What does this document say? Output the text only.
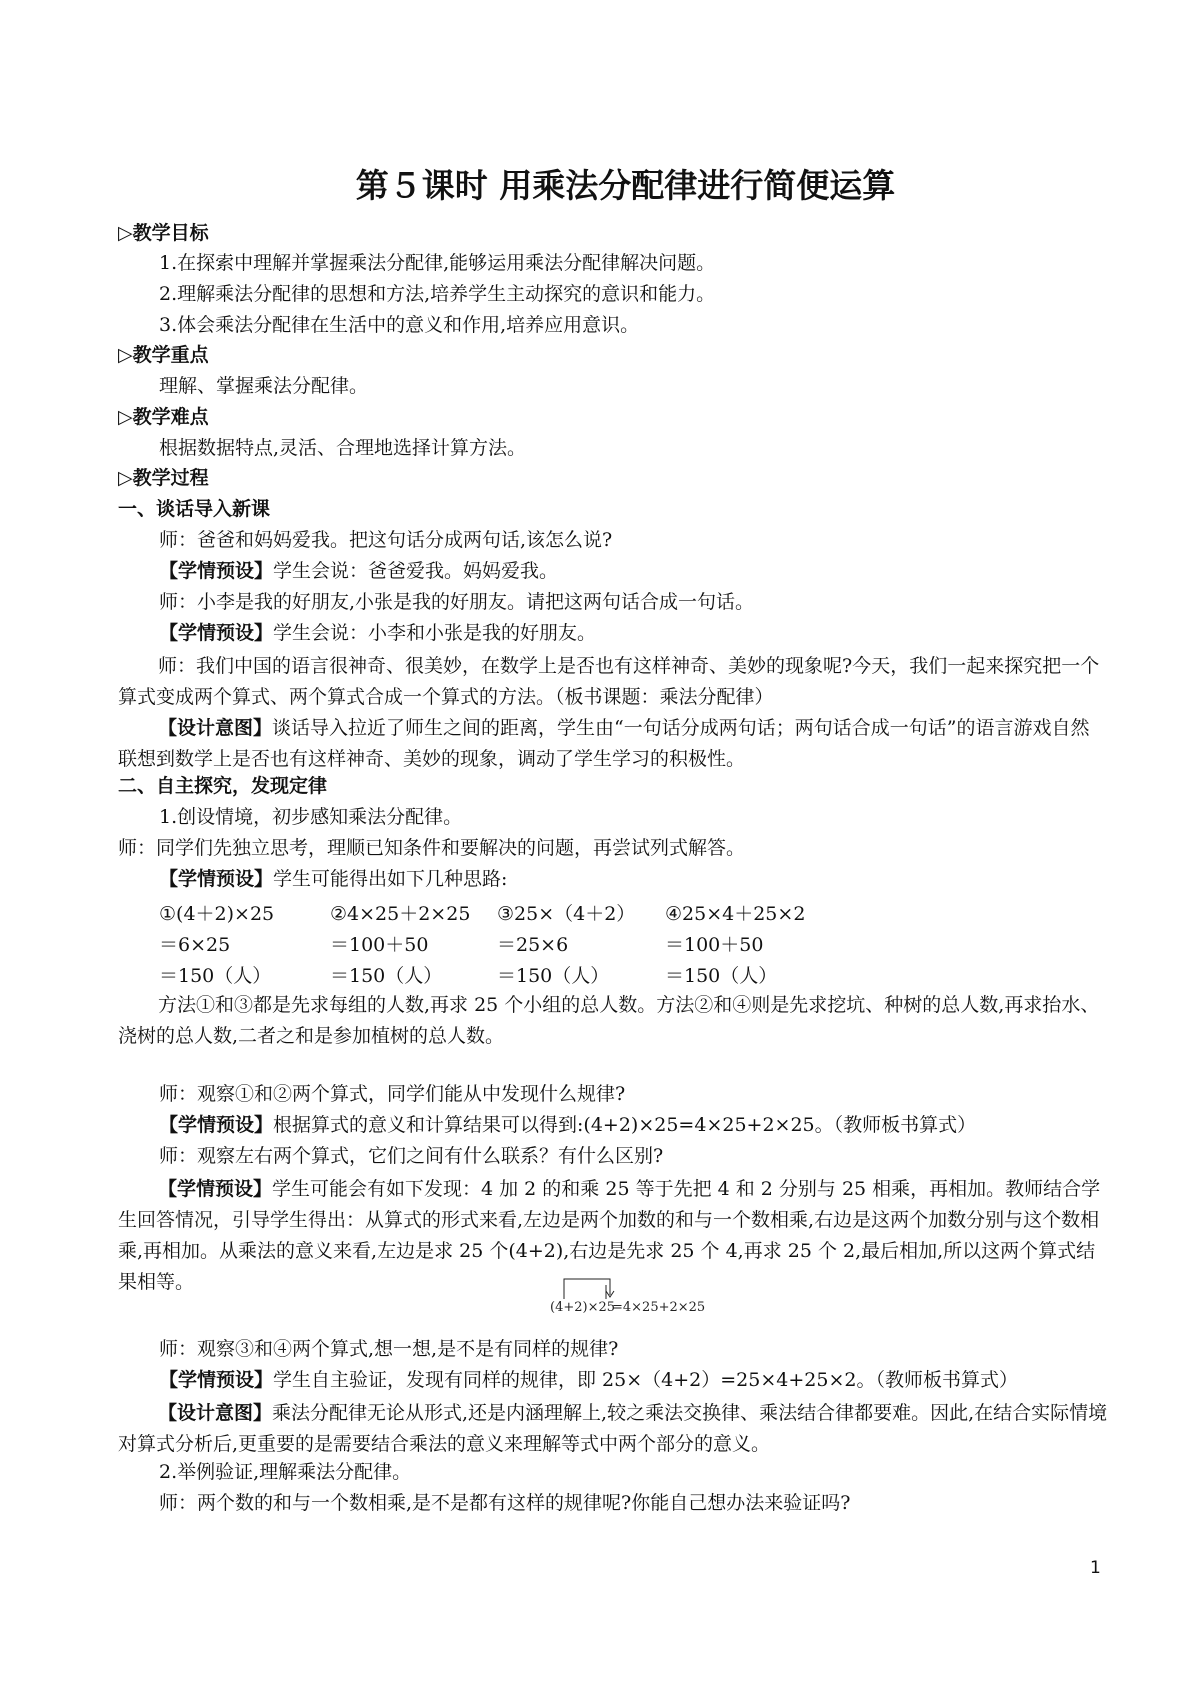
第５课时 用乘法分配律进行简便运算
▷教学目标
1.在探索中理解并掌握乘法分配律,能够运用乘法分配律解决问题。
2.理解乘法分配律的思想和方法,培养学生主动探究的意识和能力。
3.体会乘法分配律在生活中的意义和作用,培养应用意识。
▷教学重点
理解、掌握乘法分配律。
▷教学难点
根据数据特点,灵活、合理地选择计算方法。
▷教学过程
一、谈话导入新课
师：爸爸和妈妈爱我。把这句话分成两句话,该怎么说?
【学情预设】学生会说：爸爸爱我。妈妈爱我。
师：小李是我的好朋友,小张是我的好朋友。请把这两句话合成一句话。
【学情预设】学生会说：小李和小张是我的好朋友。
师：我们中国的语言很神奇、很美妙，在数学上是否也有这样神奇、美妙的现象呢?今天，我们一起来探究把一个算式变成两个算式、两个算式合成一个算式的方法。（板书课题：乘法分配律）
【设计意图】谈话导入拉近了师生之间的距离，学生由“一句话分成两句话；两句话合成一句话”的语言游戏自然联想到数学上是否也有这样神奇、美妙的现象，调动了学生学习的积极性。
二、自主探究，发现定律
1.创设情境，初步感知乘法分配律。
师：同学们先独立思考，理顺已知条件和要解决的问题，再尝试列式解答。
【学情预设】学生可能得出如下几种思路:
①(4＋2)×25
＝6×25
＝150（人）
②4×25＋2×25
＝100＋50
＝150（人）
③25×（4＋2）
＝25×6
＝150（人）
④25×4＋25×2
＝100＋50
＝150（人）
方法①和③都是先求每组的人数,再求 25 个小组的总人数。方法②和④则是先求挖坑、种树的总人数,再求抬水、浇树的总人数,二者之和是参加植树的总人数。
师：观察①和②两个算式，同学们能从中发现什么规律?
【学情预设】根据算式的意义和计算结果可以得到:(4+2)×25=4×25+2×25。（教师板书算式）
师：观察左右两个算式，它们之间有什么联系？有什么区别?
【学情预设】学生可能会有如下发现：4 加 2 的和乘 25 等于先把 4 和 2 分别与 25 相乘，再相加。教师结合学生回答情况，引导学生得出：从算式的形式来看,左边是两个加数的和与一个数相乘,右边是这两个加数分别与这个数相乘,再相加。从乘法的意义来看,左边是求 25 个(4+2),右边是先求 25 个 4,再求 25 个 2,最后相加,所以这两个算式结果相等。
(4+2)×25
=4×25+2×25
师：观察③和④两个算式,想一想,是不是有同样的规律?
【学情预设】学生自主验证，发现有同样的规律，即 25×（4+2）=25×4+25×2。（教师板书算式）
【设计意图】乘法分配律无论从形式,还是内涵理解上,较之乘法交换律、乘法结合律都要难。因此,在结合实际情境对算式分析后,更重要的是需要结合乘法的意义来理解等式中两个部分的意义。
2.举例验证,理解乘法分配律。
师：两个数的和与一个数相乘,是不是都有这样的规律呢?你能自己想办法来验证吗?
1
